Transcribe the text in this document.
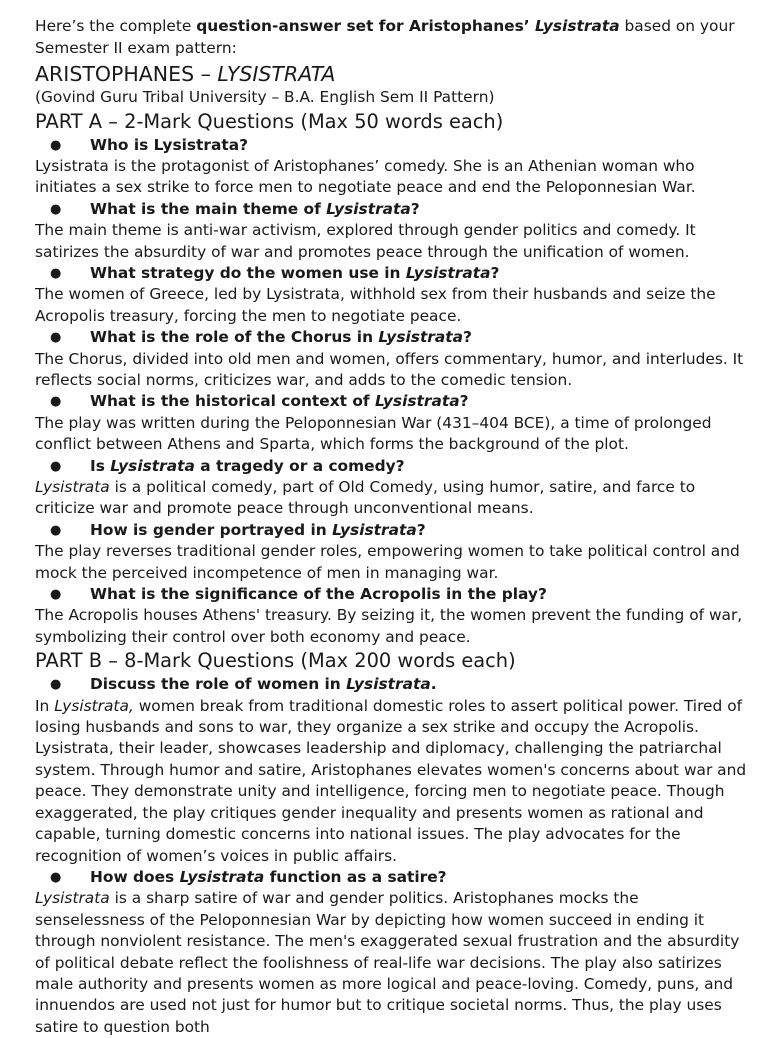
Here’s the complete question-answer set for Aristophanes’ Lysistrata based on your Semester II exam pattern:

ARISTOPHANES – LYSISTRATA

(Govind Guru Tribal University – B.A. English Sem II Pattern)

PART A – 2-Mark Questions (Max 50 words each)

● Who is Lysistrata?

Lysistrata is the protagonist of Aristophanes’ comedy. She is an Athenian woman who initiates a sex strike to force men to negotiate peace and end the Peloponnesian War.

● What is the main theme of Lysistrata?

The main theme is anti-war activism, explored through gender politics and comedy. It satirizes the absurdity of war and promotes peace through the unification of women.

● What strategy do the women use in Lysistrata?

The women of Greece, led by Lysistrata, withhold sex from their husbands and seize the Acropolis treasury, forcing the men to negotiate peace.

● What is the role of the Chorus in Lysistrata?

The Chorus, divided into old men and women, offers commentary, humor, and interludes. It reflects social norms, criticizes war, and adds to the comedic tension.

● What is the historical context of Lysistrata?

The play was written during the Peloponnesian War (431–404 BCE), a time of prolonged conflict between Athens and Sparta, which forms the background of the plot.

● Is Lysistrata a tragedy or a comedy?

Lysistrata is a political comedy, part of Old Comedy, using humor, satire, and farce to criticize war and promote peace through unconventional means.

● How is gender portrayed in Lysistrata?

The play reverses traditional gender roles, empowering women to take political control and mock the perceived incompetence of men in managing war.

● What is the significance of the Acropolis in the play?

The Acropolis houses Athens' treasury. By seizing it, the women prevent the funding of war, symbolizing their control over both economy and peace.

PART B – 8-Mark Questions (Max 200 words each)

● Discuss the role of women in Lysistrata.

In Lysistrata, women break from traditional domestic roles to assert political power. Tired of losing husbands and sons to war, they organize a sex strike and occupy the Acropolis. Lysistrata, their leader, showcases leadership and diplomacy, challenging the patriarchal system. Through humor and satire, Aristophanes elevates women's concerns about war and peace. They demonstrate unity and intelligence, forcing men to negotiate peace. Though exaggerated, the play critiques gender inequality and presents women as rational and capable, turning domestic concerns into national issues. The play advocates for the recognition of women’s voices in public affairs.

● How does Lysistrata function as a satire?

Lysistrata is a sharp satire of war and gender politics. Aristophanes mocks the senselessness of the Peloponnesian War by depicting how women succeed in ending it through nonviolent resistance. The men's exaggerated sexual frustration and the absurdity of political debate reflect the foolishness of real-life war decisions. The play also satirizes male authority and presents women as more logical and peace-loving. Comedy, puns, and innuendos are used not just for humor but to critique societal norms. Thus, the play uses satire to question both
